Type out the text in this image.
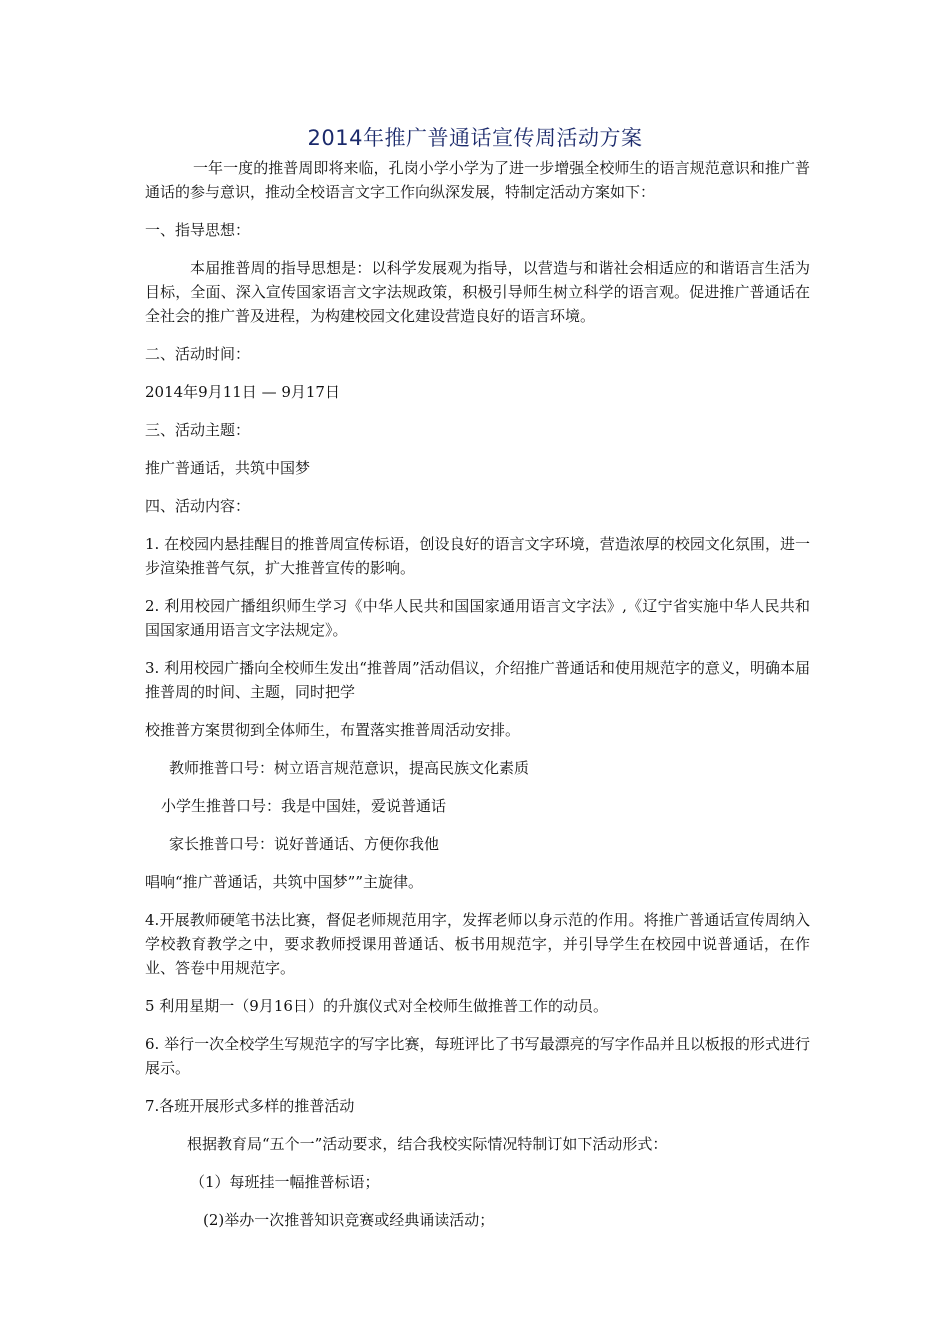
2014年推广普通话宣传周活动方案

一年一度的推普周即将来临，孔岗小学小学为了进一步增强全校师生的语言规范意识和推广普通话的参与意识，推动全校语言文字工作向纵深发展，特制定活动方案如下：

一、指导思想：

本届推普周的指导思想是：以科学发展观为指导，以营造与和谐社会相适应的和谐语言生活为目标，全面、深入宣传国家语言文字法规政策，积极引导师生树立科学的语言观。促进推广普通话在全社会的推广普及进程，为构建校园文化建设营造良好的语言环境。

二、活动时间：

2014年9月11日 — 9月17日

三、活动主题：

推广普通话，共筑中国梦

四、活动内容：

1. 在校园内悬挂醒目的推普周宣传标语，创设良好的语言文字环境，营造浓厚的校园文化氛围，进一步渲染推普气氛，扩大推普宣传的影响。

2. 利用校园广播组织师生学习《中华人民共和国国家通用语言文字法》,《辽宁省实施中华人民共和国国家通用语言文字法规定》。

3. 利用校园广播向全校师生发出“推普周”活动倡议，介绍推广普通话和使用规范字的意义，明确本届推普周的时间、主题，同时把学

校推普方案贯彻到全体师生，布置落实推普周活动安排。

教师推普口号：树立语言规范意识，提高民族文化素质

小学生推普口号：我是中国娃，爱说普通话

家长推普口号：说好普通话、方便你我他

唱响“推广普通话，共筑中国梦””主旋律。

4.开展教师硬笔书法比赛，督促老师规范用字，发挥老师以身示范的作用。将推广普通话宣传周纳入学校教育教学之中，要求教师授课用普通话、板书用规范字，并引导学生在校园中说普通话，在作业、答卷中用规范字。

5 利用星期一（9月16日）的升旗仪式对全校师生做推普工作的动员。

6. 举行一次全校学生写规范字的写字比赛，每班评比了书写最漂亮的写字作品并且以板报的形式进行展示。

7.各班开展形式多样的推普活动

根据教育局“五个一”活动要求，结合我校实际情况特制订如下活动形式：

（1）每班挂一幅推普标语；

(2)举办一次推普知识竞赛或经典诵读活动；
